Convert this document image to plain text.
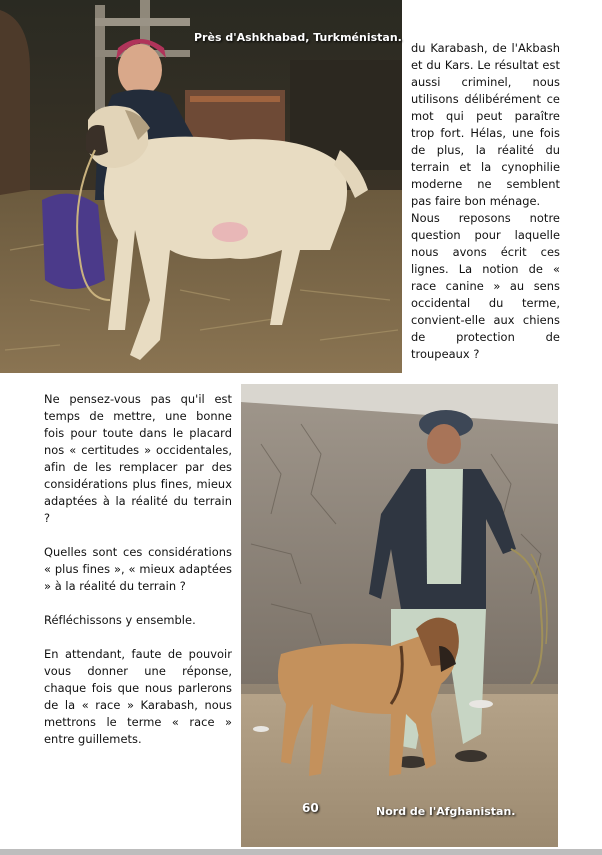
Près d'Ashkhabad, Turkménistan.

du Karabash, de l'Akbash et du Kars. Le résultat est aussi criminel, nous utilisons délibérément ce mot qui peut paraître trop fort. Hélas, une fois de plus, la réalité du terrain et la cynophilie moderne ne semblent pas faire bon ménage.

Nous reposons notre question pour laquelle nous avons écrit ces lignes. La notion de « race canine » au sens occidental du terme, convient-elle aux chiens de protection de troupeaux ?

Ne pensez-vous pas qu'il est temps de mettre, une bonne fois pour toute dans le placard nos « certitudes » occidentales, afin de les remplacer par des considérations plus fines, mieux adaptées à la réalité du terrain ?

Quelles sont ces considérations « plus fines », « mieux adaptées » à la réalité du terrain ?

Réfléchissons y ensemble.

En attendant, faute de pouvoir vous donner une réponse, chaque fois que nous parlerons de la « race » Karabash, nous mettrons le terme « race » entre guillemets.

60	Nord de l'Afghanistan.
